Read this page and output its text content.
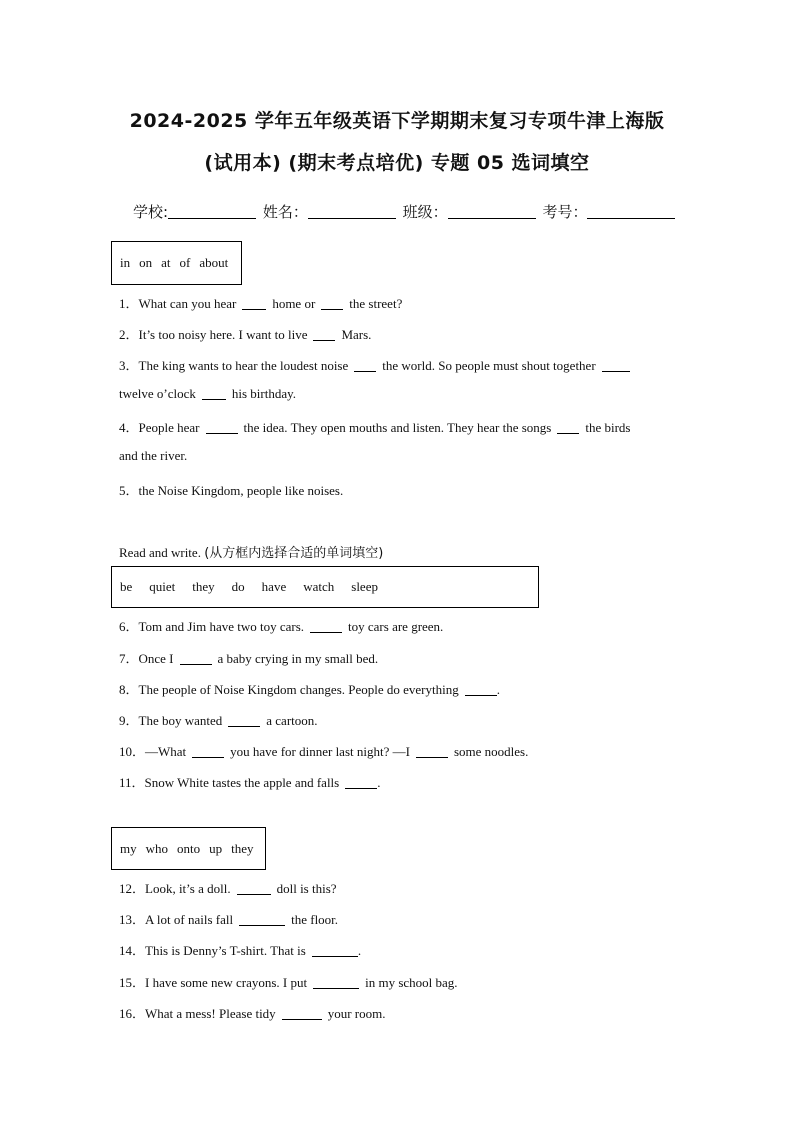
2024-2025 学年五年级英语下学期期末复习专项牛津上海版
(试用本) (期末考点培优) 专题 05 选词填空
学校:	姓名：	班级：	考号：
in on at of about
1．What can you hear	home or	the street?
2．It’s too noisy here. I want to live	Mars.
3．The king wants to hear the loudest noise	the world. So people must shout together
twelve o’clock	his birthday.
4．People hear	the idea. They open mouths and listen. They hear the songs	the birds
and the river.
5．the Noise Kingdom, people like noises.
Read and write. (从方框内选择合适的单词填空)
be quiet they do have watch sleep
6．Tom and Jim have two toy cars.	toy cars are green.
7．Once I	a baby crying in my small bed.
8．The people of Noise Kingdom changes. People do everything	.
9．The boy wanted	a cartoon.
10．—What	you have for dinner last night? —I	some noodles.
11．Snow White tastes the apple and falls	.
my who onto up they
12．Look, it’s a doll.	doll is this?
13．A lot of nails fall	the floor.
14．This is Denny’s T-shirt. That is	.
15．I have some new crayons. I put	in my school bag.
16．What a mess! Please tidy	your room.
